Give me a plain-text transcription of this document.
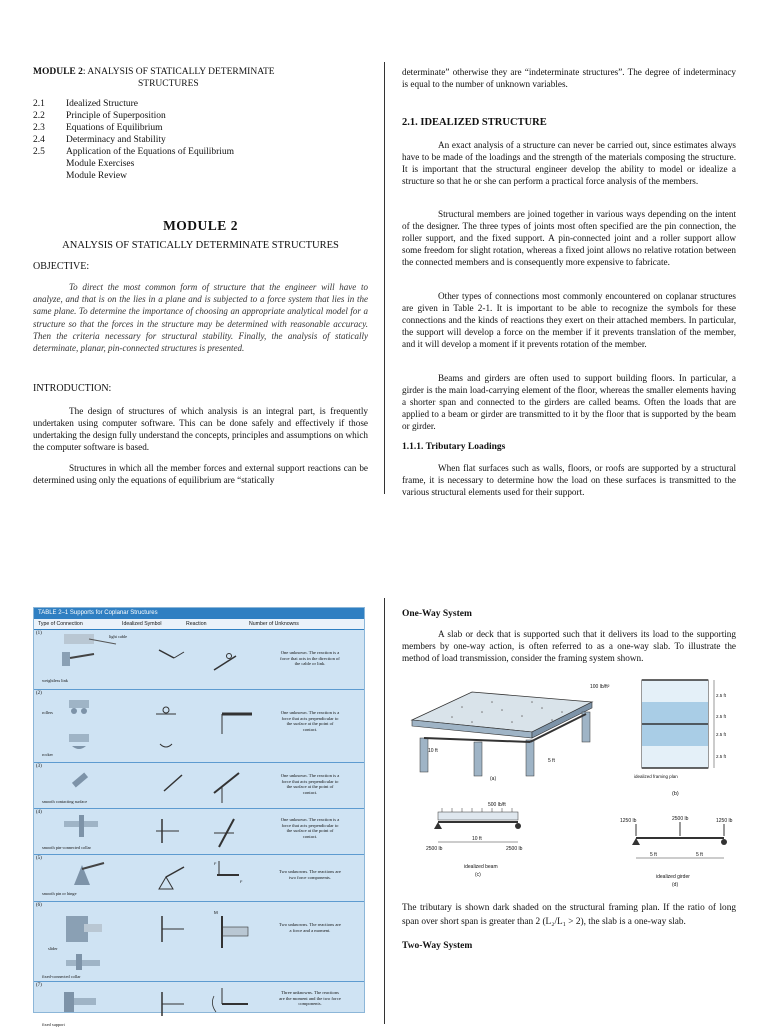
MODULE 2: ANALYSIS OF STATICALLY DETERMINATE
STRUCTURES
2.1	Idealized Structure
2.2	Principle of Superposition
2.3	Equations of Equilibrium
2.4	Determinacy and Stability
2.5	Application of the Equations of Equilibrium
Module Exercises
Module Review
MODULE 2

ANALYSIS OF STATICALLY DETERMINATE STRUCTURES

OBJECTIVE:

To direct the most common form of structure that the engineer will have to analyze, and that is on the lies in a plane and is subjected to a force system that lies in the same plane. To determine the importance of choosing an appropriate analytical model for a structure so that the forces in the structure may be determined with reasonable accuracy. Then the criteria necessary for structural stability. Finally, the analysis of statically determinate, planar, pin-connected structures is presented.

INTRODUCTION:

The design of structures of which analysis is an integral part, is frequently undertaken using computer software. This can be done safely and effectively if those undertaking the design fully understand the concepts, principles and assumptions on which the computer software is based.

Structures in which all the member forces and external support reactions can be determined using only the equations of equilibrium are “statically

determinate” otherwise they are “indeterminate structures”. The degree of indeterminacy is equal to the number of unknown variables.

2.1. IDEALIZED STRUCTURE

An exact analysis of a structure can never be carried out, since estimates always have to be made of the loadings and the strength of the materials composing the structure. It is important that the structural engineer develop the ability to model or idealize a structure so that he or she can perform a practical force analysis of the members.

Structural members are joined together in various ways depending on the intent of the designer. The three types of joints most often specified are the pin connection, the roller support, and the fixed support. A pin-connected joint and a roller support allow some freedom for slight rotation, whereas a fixed joint allows no relative rotation between the connected members and is consequently more expensive to fabricate.

Other types of connections most commonly encountered on coplanar structures are given in Table 2-1. It is important to be able to recognize the symbols for these connections and the kinds of reactions they exert on their attached members. In particular, the support will develop a force on the member if it prevents translation of the member, and it will develop a moment if it prevents rotation of the member.

Beams and girders are often used to support building floors. In particular, a girder is the main load-carrying element of the floor, whereas the smaller elements having a shorter span and connected to the girders are called beams. Often the loads that are applied to a beam or girder are transmitted to it by the floor that is supported by the beam or girder.

1.1.1. Tributary Loadings

When flat surfaces such as walls, floors, or roofs are supported by a structural frame, it is necessary to determine how the load on these surfaces is transmitted to the various structural elements used for their support.

TABLE 2–1 Supports for Coplanar Structures
Type of Connection	Idealized Symbol	Reaction	Number of Unknowns
(1)
light cable
weightless link
One unknown. The reaction is a force that acts in the direction of the cable or link.
(2)
rollers
rocker
One unknown. The reaction is a force that acts perpendicular to the surface at the point of contact.
(3)
smooth contacting surface
One unknown. The reaction is a force that acts perpendicular to the surface at the point of contact.
(4)
smooth pin-connected collar
One unknown. The reaction is a force that acts perpendicular to the surface at the point of contact.
(5)
F
F
smooth pin or hinge
Two unknowns. The reactions are two force components.
(6)
M
slider
fixed-connected collar
Two unknowns. The reactions are a force and a moment.
(7)
fixed support
Three unknowns. The reactions are the moment and the two force components.
One-Way System

A slab or deck that is supported such that it delivers its load to the supporting members by one-way action, is often referred to as a one-way slab. To illustrate the method of load transmission, consider the framing system shown.

100 lb/ft²
10 ft
5 ft
(a)
2.5 ft
2.5 ft
2.5 ft
2.5 ft
idealized framing plan
(b)
500 lb/ft
10 ft
2500 lb	2500 lb
idealized beam
(c)
1250 lb	2500 lb	1250 lb
5 ft	5 ft
idealized girder
(d)

The tributary is shown dark shaded on the structural framing plan. If the ratio of long span over short span is greater than 2 (L₂/L₁ > 2), the slab is a one-way slab.

Two-Way System
